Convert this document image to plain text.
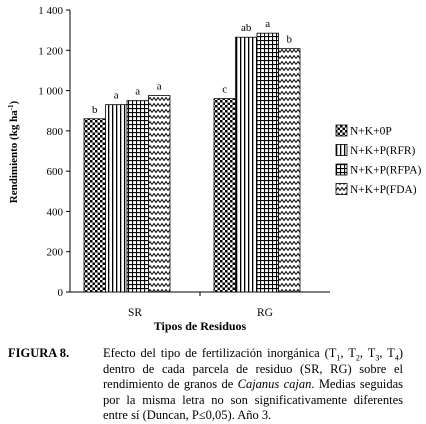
0
200
400
600
800
1 000
1 200
1 400
SR	RG
b
a a a	c
ab a
b
N+K+0P
N+K+P(RFR)
N+K+P(RFPA)
N+K+P(FDA)
Rendimiento (kg $ha^{-1}$)
Tipos de Residuos
FIGURA 8.	Efecto del tipo de fertilización inorgánica ($T_1$, $T_2$, $T_3$, $T_4$) dentro de cada parcela de residuo (SR, RG) sobre el rendimiento de granos de Cajanus cajan. Medias seguidas por la misma letra no son significativamente diferentes entre sí (Duncan, P≤0,05). Año 3.
